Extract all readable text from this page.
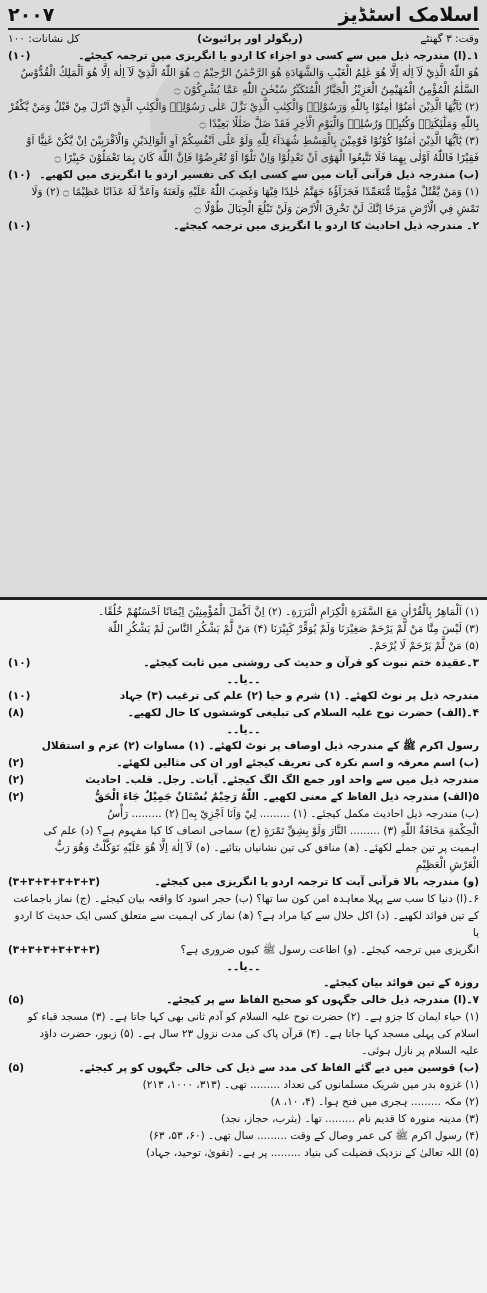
اسلامک اسٹڈیز
۲۰۰۷
وقت: ۳ گھنٹے
(ریگولر اور پرائیوٹ)
کل نشانات: ۱۰۰

(۱۰)	۱۔(ا) مندرجہ ذیل میں سے کسی دو اجزاء کا اردو یا انگریزی میں ترجمہ کیجئے۔

هُوَ اللّٰهُ الَّذِيْ لَآ اِلٰهَ اِلَّا هُوَ عٰلِمُ الْغَيْبِ وَالشَّهَادَةِ هُوَ الرَّحْمٰنُ الرَّحِيْمُ ۝ هُوَ اللّٰهُ الَّذِيْ لَآ اِلٰهَ اِلَّا هُوَ اَلْمَلِكُ الْقُدُّوْسُ السَّلٰمُ الْمُؤْمِنُ الْمُهَيْمِنُ الْعَزِيْزُ الْجَبَّارُ الْمُتَكَبِّرُ سُبْحٰنَ اللّٰهِ عَمَّا يُشْرِكُوْنَ ۝

(۲) يٰٓاَيُّهَا الَّذِيْنَ اٰمَنُوْٓا اٰمِنُوْا بِاللّٰهِ وَرَسُوْلِهٖ وَالْكِتٰبِ الَّذِيْ نَزَّلَ عَلٰى رَسُوْلِهٖ وَالْكِتٰبِ الَّذِيْٓ اَنْزَلَ مِنْ قَبْلُ وَمَنْ يَّكْفُرْ بِاللّٰهِ وَمَلٰٓئِكَتِهٖ وَكُتُبِهٖ وَرُسُلِهٖ وَالْيَوْمِ الْاٰخِرِ فَقَدْ ضَلَّ ضَلٰلًا بَعِيْدًا ۝

(۳) يٰٓاَيُّهَا الَّذِيْنَ اٰمَنُوْا كُوْنُوْا قَوّٰمِيْنَ بِالْقِسْطِ شُهَدَآءَ لِلّٰهِ وَلَوْ عَلٰٓى اَنْفُسِكُمْ اَوِ الْوَالِدَيْنِ وَالْاَقْرَبِيْنَ اِنْ يَّكُنْ غَنِيًّا اَوْ فَقِيْرًا فَاللّٰهُ اَوْلٰى بِهِمَا فَلَا تَتَّبِعُوا الْهَوٰٓى اَنْ تَعْدِلُوْا وَاِنْ تَلْوٗٓا اَوْ تُعْرِضُوْا فَاِنَّ اللّٰهَ كَانَ بِمَا تَعْمَلُوْنَ خَبِيْرًا ۝

(۱۰) (ب) مندرجہ ذیل قرآنی آیات میں سے کسی ایک کی تفسیر اردو یا انگریزی میں لکھیے۔

(۱) وَمَنْ يَّقْتُلْ مُؤْمِنًا مُّتَعَمِّدًا فَجَزَآؤُهٗ جَهَنَّمُ خٰلِدًا فِيْهَا وَغَضِبَ اللّٰهُ عَلَيْهِ وَلَعَنَهٗ وَاَعَدَّ لَهٗ عَذَابًا عَظِيْمًا ۝ (۲) وَلَا تَمْشِ فِي الْاَرْضِ مَرَحًا اِنَّكَ لَنْ تَخْرِقَ الْاَرْضَ وَلَنْ تَبْلُغَ الْجِبَالَ طُوْلًا ۝

(۱۰)	۲۔ مندرجہ ذیل احادیث کا اردو یا انگریزی میں ترجمہ کیجئے۔

(۱) اَلْمَاهِرُ بِالْقُرْاٰنِ مَعَ السَّفَرَةِ الْكِرَامِ الْبَرَرَةِ۔ (۲) اِنَّ اَكْمَلَ الْمُؤْمِنِيْنَ اِيْمَانًا اَحْسَنُهُمْ خُلُقًا۔

(۳) لَيْسَ مِنَّا مَنْ لَّمْ يَرْحَمْ صَغِيْرَنَا وَلَمْ يُوَقِّرْ كَبِيْرَنَا (۴) مَنْ لَّمْ يَشْكُرِ النَّاسَ لَمْ يَشْكُرِ اللّٰهَ

(۵) مَنْ لَّمْ يَرْحَمْ لَا يُرْحَمْ۔

(۱۰)	۳۔عقیدہ ختم نبوت کو قرآن و حدیث کی روشنی میں ثابت کیجئے۔

۔۔یا۔۔

(۱۰)	مندرجہ ذیل پر نوٹ لکھئے۔ (۱) شرم و حیا (۲) علم کی ترغیب (۳) جہاد

(۸)	۴۔(الف) حضرت نوح علیہ السلام کی تبلیغی کوششوں کا حال لکھیے۔

۔۔یا۔۔

رسول اکرم ﷺ کے مندرجہ ذیل اوصاف پر نوٹ لکھئے۔ (۱) مساوات (۲) عزم و استقلال

(۲)	(ب) اسم معرفہ و اسم نکرہ کی تعریف کیجئے اور ان کی مثالیں لکھئے۔

(۲)	مندرجہ ذیل میں سے واحد اور جمع الگ الگ کیجئے۔ آیات۔ رجل۔ قلب۔ احادیث

(۲)	۵(الف) مندرجہ ذیل الفاظ کے معنی لکھیے۔ اللّٰهُ رَحِيْمٌ بُسْتَانٌ جَمِيْلٌ جَاءَ الْحَقُّ

(ب) مندرجہ ذیل احادیث مکمل کیجئے۔ (۱) ......... لِيْ وَاَنَا اَجْزِيْ بِهٖ (۲) ......... رَأْسُ

الْحِكْمَةِ مَخَافَةُ اللّٰهِ (۳) ......... النَّارَ وَلَوْ بِشِقِّ تَمْرَةٍ (ج) سماجی انصاف کا کیا مفہوم ہے؟ (د) علم کی

اہمیت پر تین جملے لکھئے۔ (ھ) منافق کی تین نشانیاں بتائیے۔ (ہ) لَآ اِلٰهَ اِلَّا هُوَ عَلَيْهِ تَوَكَّلْتُ وَهُوَ رَبُّ

الْعَرْشِ الْعَظِيْمِ

(۳+۳+۳+۳+۳+۳)	(و) مندرجہ بالا قرآنی آیت کا ترجمہ اردو یا انگریزی میں کیجئے۔

۶۔(ا) دنیا کا سب سے پہلا معاہدہ امن کون سا تھا؟ (ب) حجر اسود کا واقعہ بیان کیجئے۔ (ج) نماز باجماعت

کے تین فوائد لکھیے۔ (د) اکل حلال سے کیا مراد ہے؟ (ھ) نماز کی اہمیت سے متعلق کسی ایک حدیث کا اردو یا

(۳+۳+۳+۳+۳+۳)	انگریزی میں ترجمہ کیجئے۔ (و) اطاعت رسول ﷺ کیوں ضروری ہے؟

۔۔یا۔۔

روزہ کے تین فوائد بیان کیجئے۔

(۵)	۷۔(ا) مندرجہ ذیل خالی جگہوں کو صحیح الفاظ سے پر کیجئے۔

(۱) حیاء ایمان کا جزو ہے۔ (۲) حضرت نوح علیہ السلام کو آدم ثانی بھی کہا جاتا ہے۔ (۳) مسجد قباء کو

اسلام کی پہلی مسجد کہا جاتا ہے۔ (۴) قرآن پاک کی مدت نزول ۲۳ سال ہے۔ (۵) زبور، حضرت داؤد

علیہ السلام پر نازل ہوئی۔

(۵)	(ب) قوسین میں دیے گئے الفاظ کی مدد سے ذیل کی خالی جگہوں کو پر کیجئے۔

(۱) غزوہ بدر میں شریک مسلمانوں کی تعداد ......... تھی۔ (۳۱۳، ۱۰۰۰، ۲۱۳)

(۲) مکہ ......... ہجری میں فتح ہوا۔ (۴، ۱۰، ۸)

(۳) مدینہ منورہ کا قدیم نام ......... تھا۔ (یثرب، حجاز، نجد)

(۴) رسول اکرم ﷺ کی عمر وصال کے وقت ......... سال تھی۔ (۶۰، ۵۳، ۶۳)

(۵) اللہ تعالیٰ کے نزدیک فضیلت کی بنیاد ......... پر ہے۔ (تقویٰ، توحید، جہاد)
